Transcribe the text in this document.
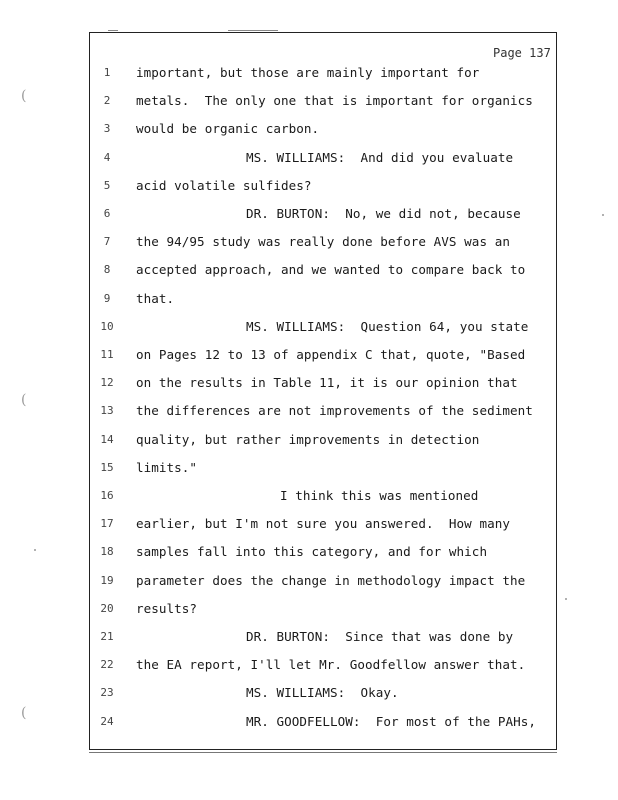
Page 137
1	important, but those are mainly important for
2	metals.  The only one that is important for organics
3	would be organic carbon.
4	MS. WILLIAMS:  And did you evaluate
5	acid volatile sulfides?
6	DR. BURTON:  No, we did not, because
7	the 94/95 study was really done before AVS was an
8	accepted approach, and we wanted to compare back to
9	that.
10	MS. WILLIAMS:  Question 64, you state
11	on Pages 12 to 13 of appendix C that, quote, "Based
12	on the results in Table 11, it is our opinion that
13	the differences are not improvements of the sediment
14	quality, but rather improvements in detection
15	limits."
16	I think this was mentioned
17	earlier, but I'm not sure you answered.  How many
18	samples fall into this category, and for which
19	parameter does the change in methodology impact the
20	results?
21	DR. BURTON:  Since that was done by
22	the EA report, I'll let Mr. Goodfellow answer that.
23	MS. WILLIAMS:  Okay.
24	MR. GOODFELLOW:  For most of the PAHs,
(
(
(
